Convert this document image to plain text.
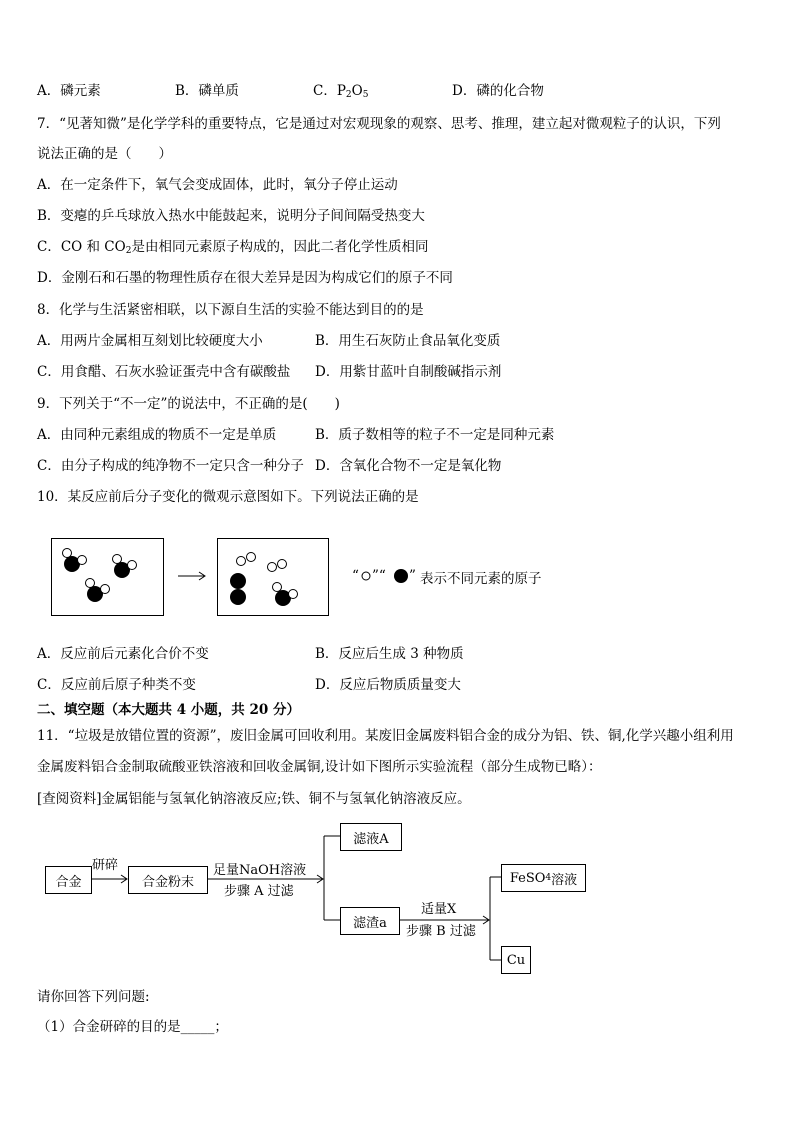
A．磷元素	B．磷单质	C．$P_2O_5$	D．磷的化合物
7．“见著知微”是化学学科的重要特点，它是通过对宏观现象的观察、思考、推理，建立起对微观粒子的认识，下列
说法正确的是（　　）
A．在一定条件下，氧气会变成固体，此时，氧分子停止运动
B．变瘪的乒乓球放入热水中能鼓起来，说明分子间间隔受热变大
C．CO 和 $CO_2$是由相同元素原子构成的，因此二者化学性质相同
D．金刚石和石墨的物理性质存在很大差异是因为构成它们的原子不同
8．化学与生活紧密相联，以下源自生活的实验不能达到目的的是
A．用两片金属相互刻划比较硬度大小	B．用生石灰防止食品氧化变质
C．用食醋、石灰水验证蛋壳中含有碳酸盐 D．用紫甘蓝叶自制酸碱指示剂
9．下列关于“不一定”的说法中，不正确的是(　　)
A．由同种元素组成的物质不一定是单质	B．质子数相等的粒子不一定是同种元素
C．由分子构成的纯净物不一定只含一种分子 D．含氧化合物不一定是氧化物
10．某反应前后分子变化的微观示意图如下。下列说法正确的是
“ ”“ ” 表示不同元素的原子
A．反应前后元素化合价不变	B．反应后生成 3 种物质
C．反应前后原子种类不变	D．反应后物质质量变大
二、填空题（本大题共 4 小题，共 20 分）
11．“垃圾是放错位置的资源”，废旧金属可回收利用。某废旧金属废料铝合金的成分为铝、铁、铜,化学兴趣小组利用
金属废料铝合金制取硫酸亚铁溶液和回收金属铜,设计如下图所示实验流程（部分生成物已略）：
[查阅资料]金属铝能与氢氧化钠溶液反应;铁、铜不与氢氧化钠溶液反应。
合金
研碎
合金粉末
足量NaOH溶液
步骤 A 过滤
滤液A
滤渣a
适量X
步骤 B 过滤
FeSO 4 溶液
Cu
请你回答下列问题:
（1）合金研碎的目的是_____；
